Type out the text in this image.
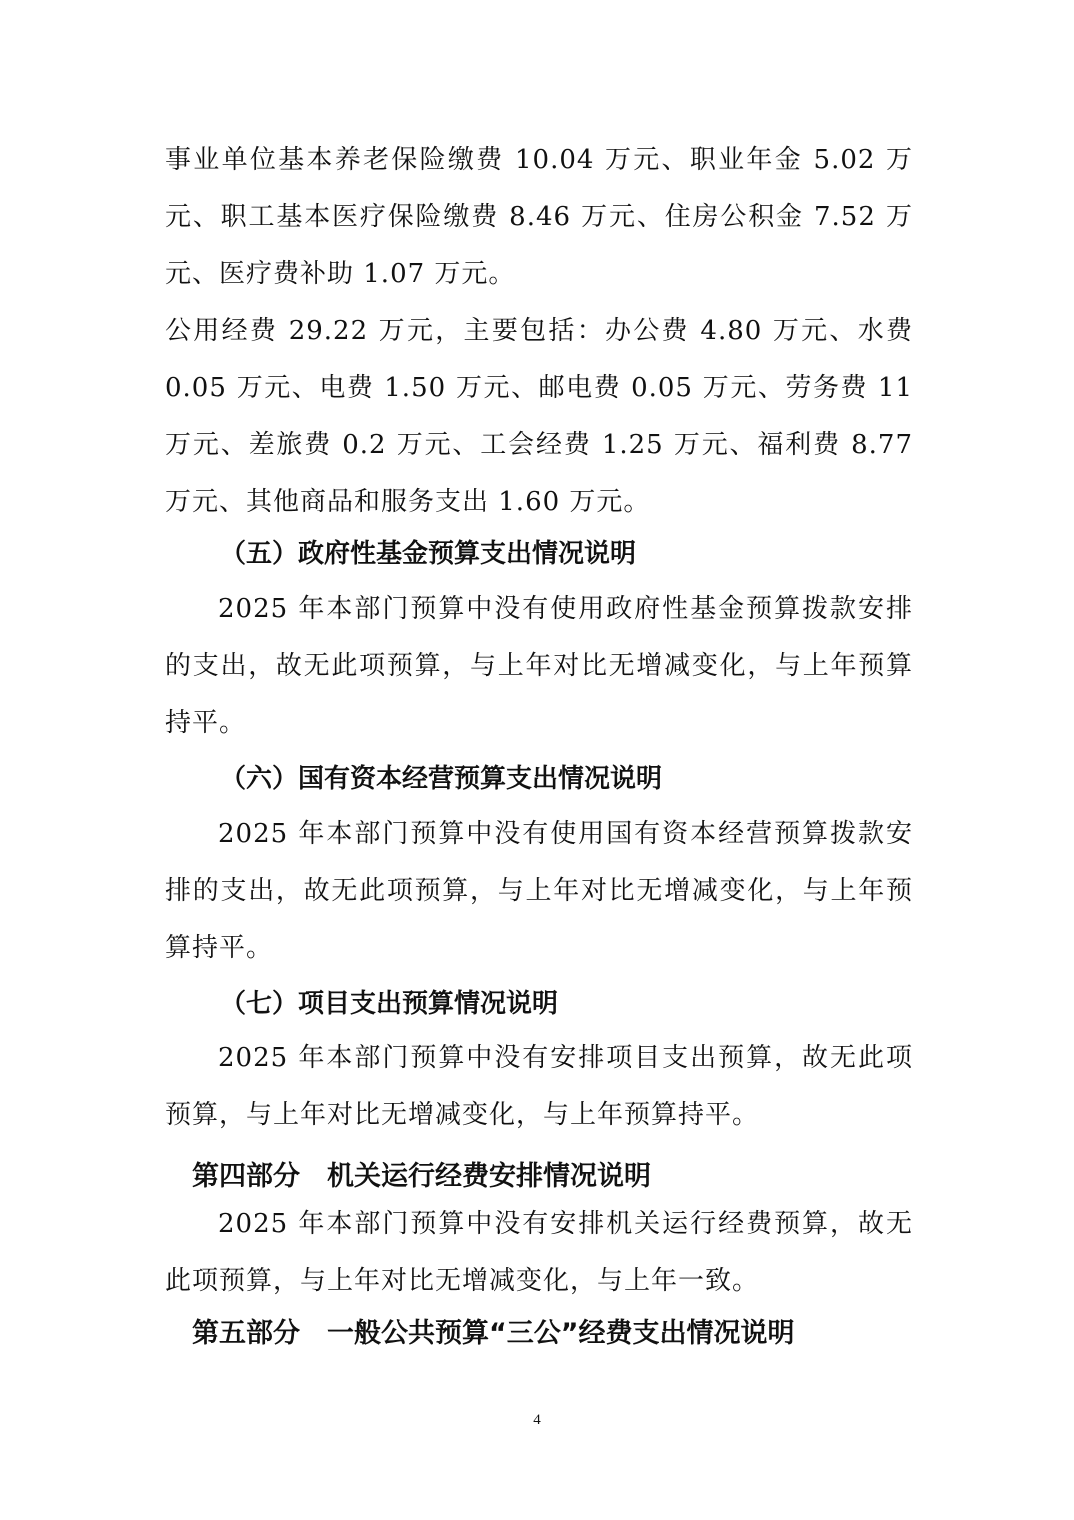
事业单位基本养老保险缴费 10.04 万元、职业年金 5.02 万元、职工基本医疗保险缴费 8.46 万元、住房公积金 7.52 万元、医疗费补助 1.07 万元。

公用经费 29.22 万元，主要包括：办公费 4.80 万元、水费 0.05 万元、电费 1.50 万元、邮电费 0.05 万元、劳务费 11 万元、差旅费 0.2 万元、工会经费 1.25 万元、福利费 8.77 万元、其他商品和服务支出 1.60 万元。

（五）政府性基金预算支出情况说明

2025 年本部门预算中没有使用政府性基金预算拨款安排的支出，故无此项预算，与上年对比无增减变化，与上年预算持平。

（六）国有资本经营预算支出情况说明

2025 年本部门预算中没有使用国有资本经营预算拨款安排的支出，故无此项预算，与上年对比无增减变化，与上年预算持平。

（七）项目支出预算情况说明

2025 年本部门预算中没有安排项目支出预算，故无此项预算，与上年对比无增减变化，与上年预算持平。

第四部分　机关运行经费安排情况说明

2025 年本部门预算中没有安排机关运行经费预算，故无此项预算，与上年对比无增减变化，与上年一致。

第五部分　一般公共预算“三公”经费支出情况说明
4
